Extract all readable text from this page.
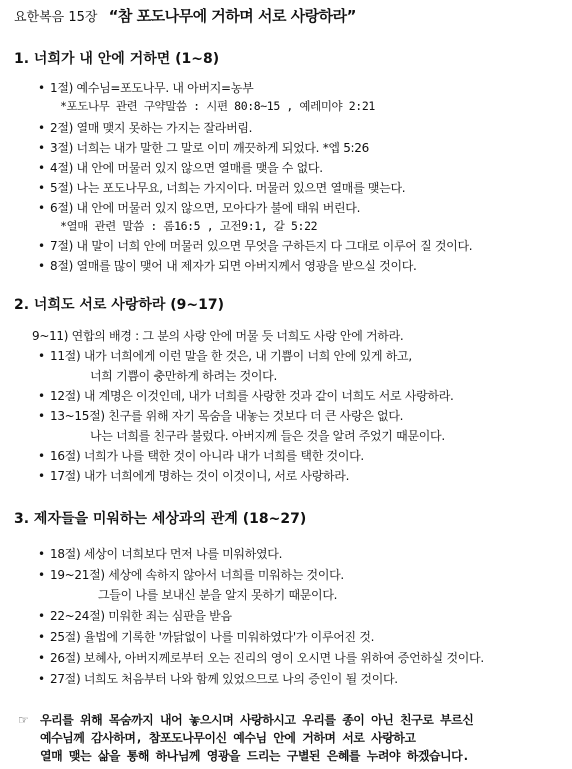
요한복음 15장 “참 포도나무에 거하며 서로 사랑하라”
1. 너희가 내 안에 거하면 (1~8)
• 1절) 예수님=포도나무. 내 아버지=농부
*포도나무 관련 구약말씀 : 시편 80:8~15 , 예레미야 2:21
• 2절) 열매 맺지 못하는 가지는 잘라버림.
• 3절) 너희는 내가 말한 그 말로 이미 깨끗하게 되었다. *엡 5:26
• 4절) 내 안에 머물러 있지 않으면 열매를 맺을 수 없다.
• 5절) 나는 포도나무요, 너희는 가지이다. 머물러 있으면 열매를 맺는다.
• 6절) 내 안에 머물러 있지 않으면, 모아다가 불에 태워 버린다.
*열매 관련 말씀 : 롬16:5 , 고전9:1, 갈 5:22
• 7절) 내 말이 너희 안에 머물러 있으면 무엇을 구하든지 다 그대로 이루어 질 것이다.
• 8절) 열매를 많이 맺어 내 제자가 되면 아버지께서 영광을 받으실 것이다.
2. 너희도 서로 사랑하라 (9~17)
9~11) 연합의 배경 : 그 분의 사랑 안에 머물 듯 너희도 사랑 안에 거하라.
• 11절) 내가 너희에게 이런 말을 한 것은, 내 기쁨이 너희 안에 있게 하고,
너희 기쁨이 충만하게 하려는 것이다.
• 12절) 내 계명은 이것인데, 내가 너희를 사랑한 것과 같이 너희도 서로 사랑하라.
• 13~15절) 친구를 위해 자기 목숨을 내놓는 것보다 더 큰 사랑은 없다.
나는 너희를 친구라 불렀다. 아버지께 들은 것을 알려 주었기 때문이다.
• 16절) 너희가 나를 택한 것이 아니라 내가 너희를 택한 것이다.
• 17절) 내가 너희에게 명하는 것이 이것이니, 서로 사랑하라.
3. 제자들을 미워하는 세상과의 관계 (18~27)
• 18절) 세상이 너희보다 먼저 나를 미워하였다.
• 19~21절) 세상에 속하지 않아서 너희를 미워하는 것이다.
그들이 나를 보내신 분을 알지 못하기 때문이다.
• 22~24절) 미워한 죄는 심판을 받음
• 25절) 율법에 기록한 '까닭없이 나를 미워하였다'가 이루어진 것.
• 26절) 보혜사, 아버지께로부터 오는 진리의 영이 오시면 나를 위하여 증언하실 것이다.
• 27절) 너희도 처음부터 나와 함께 있었으므로 나의 증인이 될 것이다.
☞ 우리를 위해 목숨까지 내어 놓으시며 사랑하시고 우리를 종이 아닌 친구로 부르신
예수님께 감사하며, 참포도나무이신 예수님 안에 거하며 서로 사랑하고
열매 맺는 삶을 통해 하나님께 영광을 드리는 구별된 은혜를 누려야 하겠습니다.
